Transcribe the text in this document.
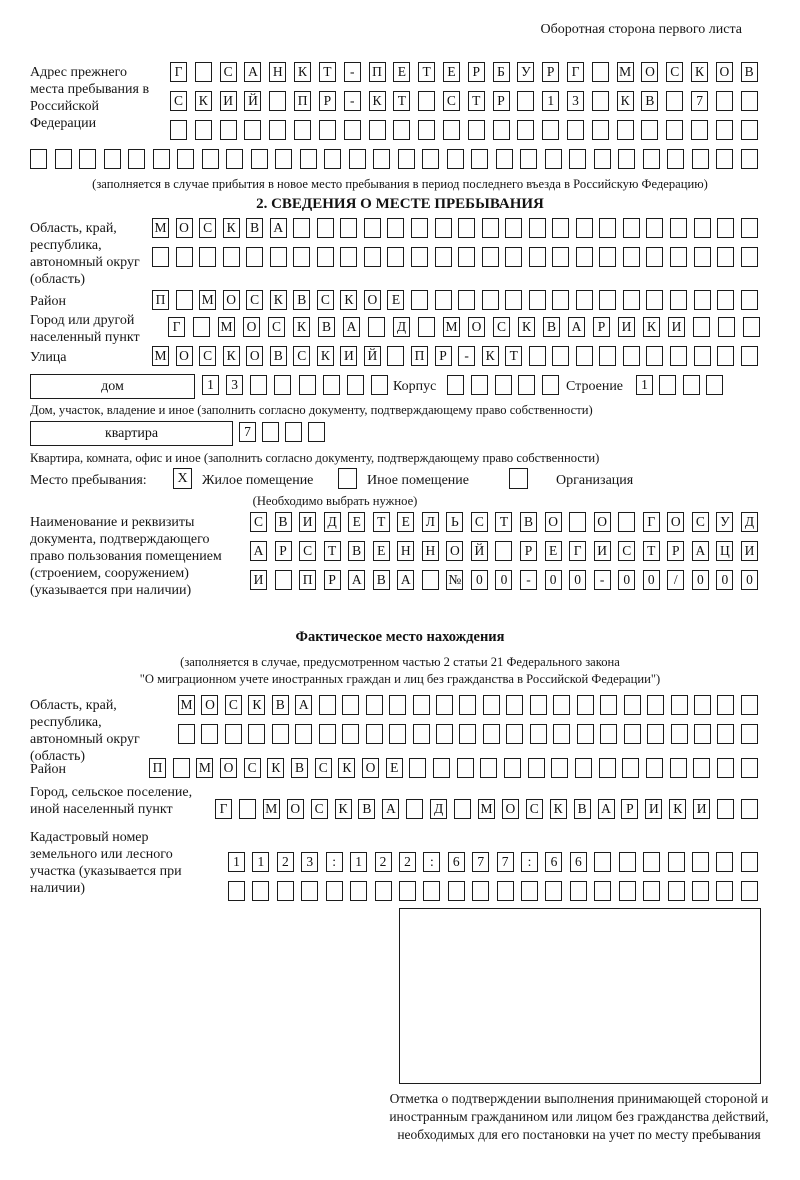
Оборотная сторона первого листа
Адрес прежнего места пребывания в Российской Федерации
Г	С А Н К	Т	-	П	Е	Т	Е	Р	Б	У	Р	Г	М О С К О В
С К И Й	П	Р	-	К	Т	С	Т	Р	1	3	К В	7
(заполняется в случае прибытия в новое место пребывания в период последнего въезда в Российскую Федерацию)
2. СВЕДЕНИЯ О МЕСТЕ ПРЕБЫВАНИЯ
Область, край, республика, автономный округ (область)
М О С К В А
Район	П	М О С К В С К О	Е
Город или другой населенный пункт
Г	М О С К В А	Д	М О С К В А	Р	И К И
Улица	М О С К О В С К И Й	П	Р	-	К	Т
дом	1	3	Корпус	Строение	1
Дом, участок, владение и иное (заполнить согласно документу, подтверждающему право собственности)
квартира	7
Квартира, комната, офис и иное (заполнить согласно документу, подтверждающему право собственности)
Место пребывания:	X	Жилое помещение	Иное помещение	Организация
(Необходимо выбрать нужное)
Наименование и реквизиты документа, подтверждающего право пользования помещением (строением, сооружением) (указывается при наличии)
С В И Д	Е	Т	Е	Л	Ь	С	Т	В О	О	Г	О С У Д
А	Р	С	Т	В	Е	Н Н О Й	Р	Е	Г	И С	Т	Р	А Ц И
И	П	Р	А В А	№	0	0	-	0	0	-	0	0	/	0	0	0
Фактическое место нахождения
(заполняется в случае, предусмотренном частью 2 статьи 21 Федерального закона
"О миграционном учете иностранных граждан и лиц без гражданства в Российской Федерации")
Область, край, республика, автономный округ (область)
М О С К В А
Район	П	М О С К В С К О	Е
Город, сельское поселение, иной населенный пункт	Г	М О С К В А	Д	М О С К В А	Р	И К И
Кадастровый номер земельного или лесного участка (указывается при наличии)
1	1	2	3	:	1	2	2	:	6	7	7	:	6	6
Отметка о подтверждении выполнения принимающей стороной и иностранным гражданином или лицом без гражданства действий, необходимых для его постановки на учет по месту пребывания
